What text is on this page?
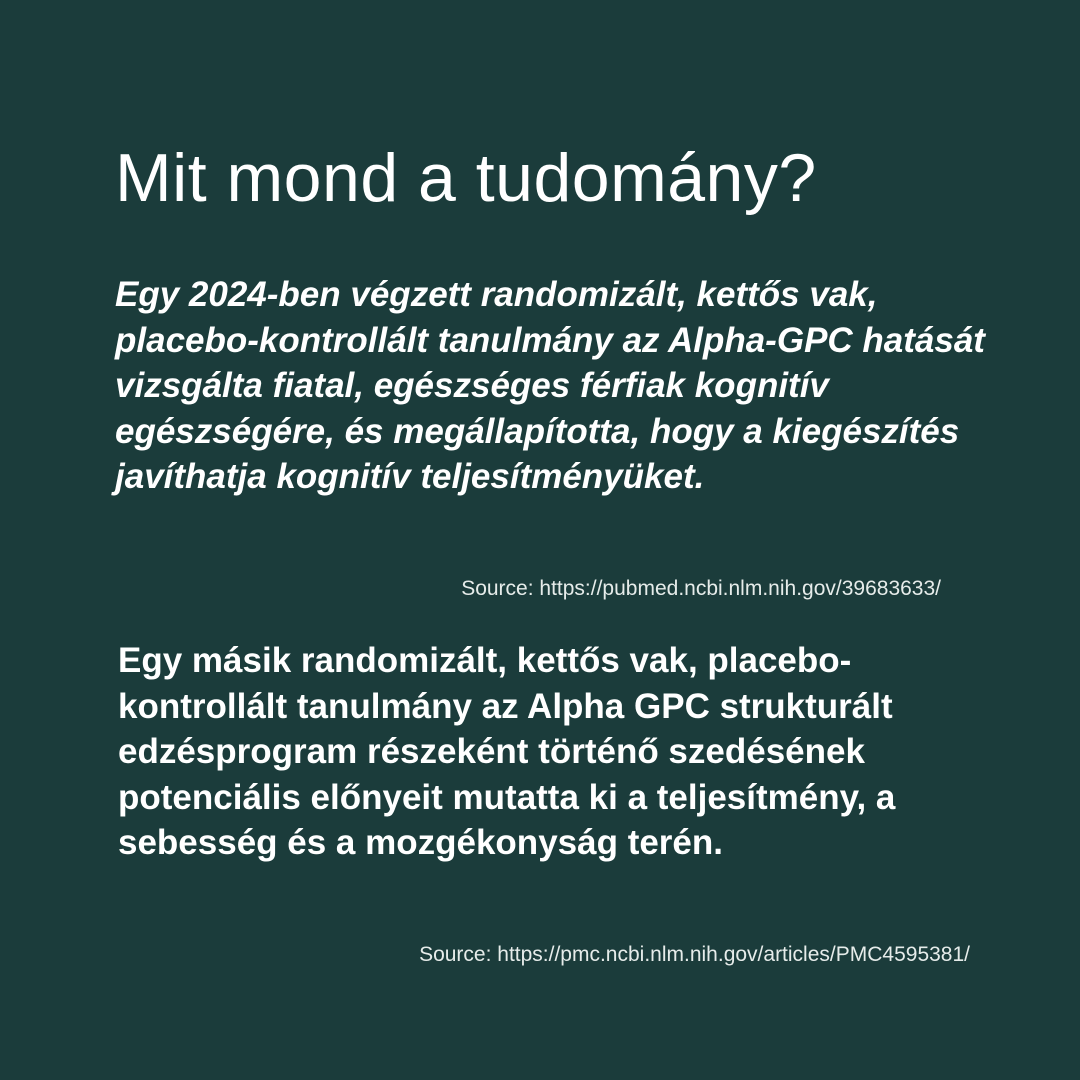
Mit mond a tudomány?

Egy 2024-ben végzett randomizált, kettős vak, placebo-kontrollált tanulmány az Alpha-GPC hatását vizsgálta fiatal, egészséges férfiak kognitív egészségére, és megállapította, hogy a kiegészítés javíthatja kognitív teljesítményüket.

Source: https://pubmed.ncbi.nlm.nih.gov/39683633/

Egy másik randomizált, kettős vak, placebo-kontrollált tanulmány az Alpha GPC strukturált edzésprogram részeként történő szedésének potenciális előnyeit mutatta ki a teljesítmény, a sebesség és a mozgékonyság terén.

Source: https://pmc.ncbi.nlm.nih.gov/articles/PMC4595381/
